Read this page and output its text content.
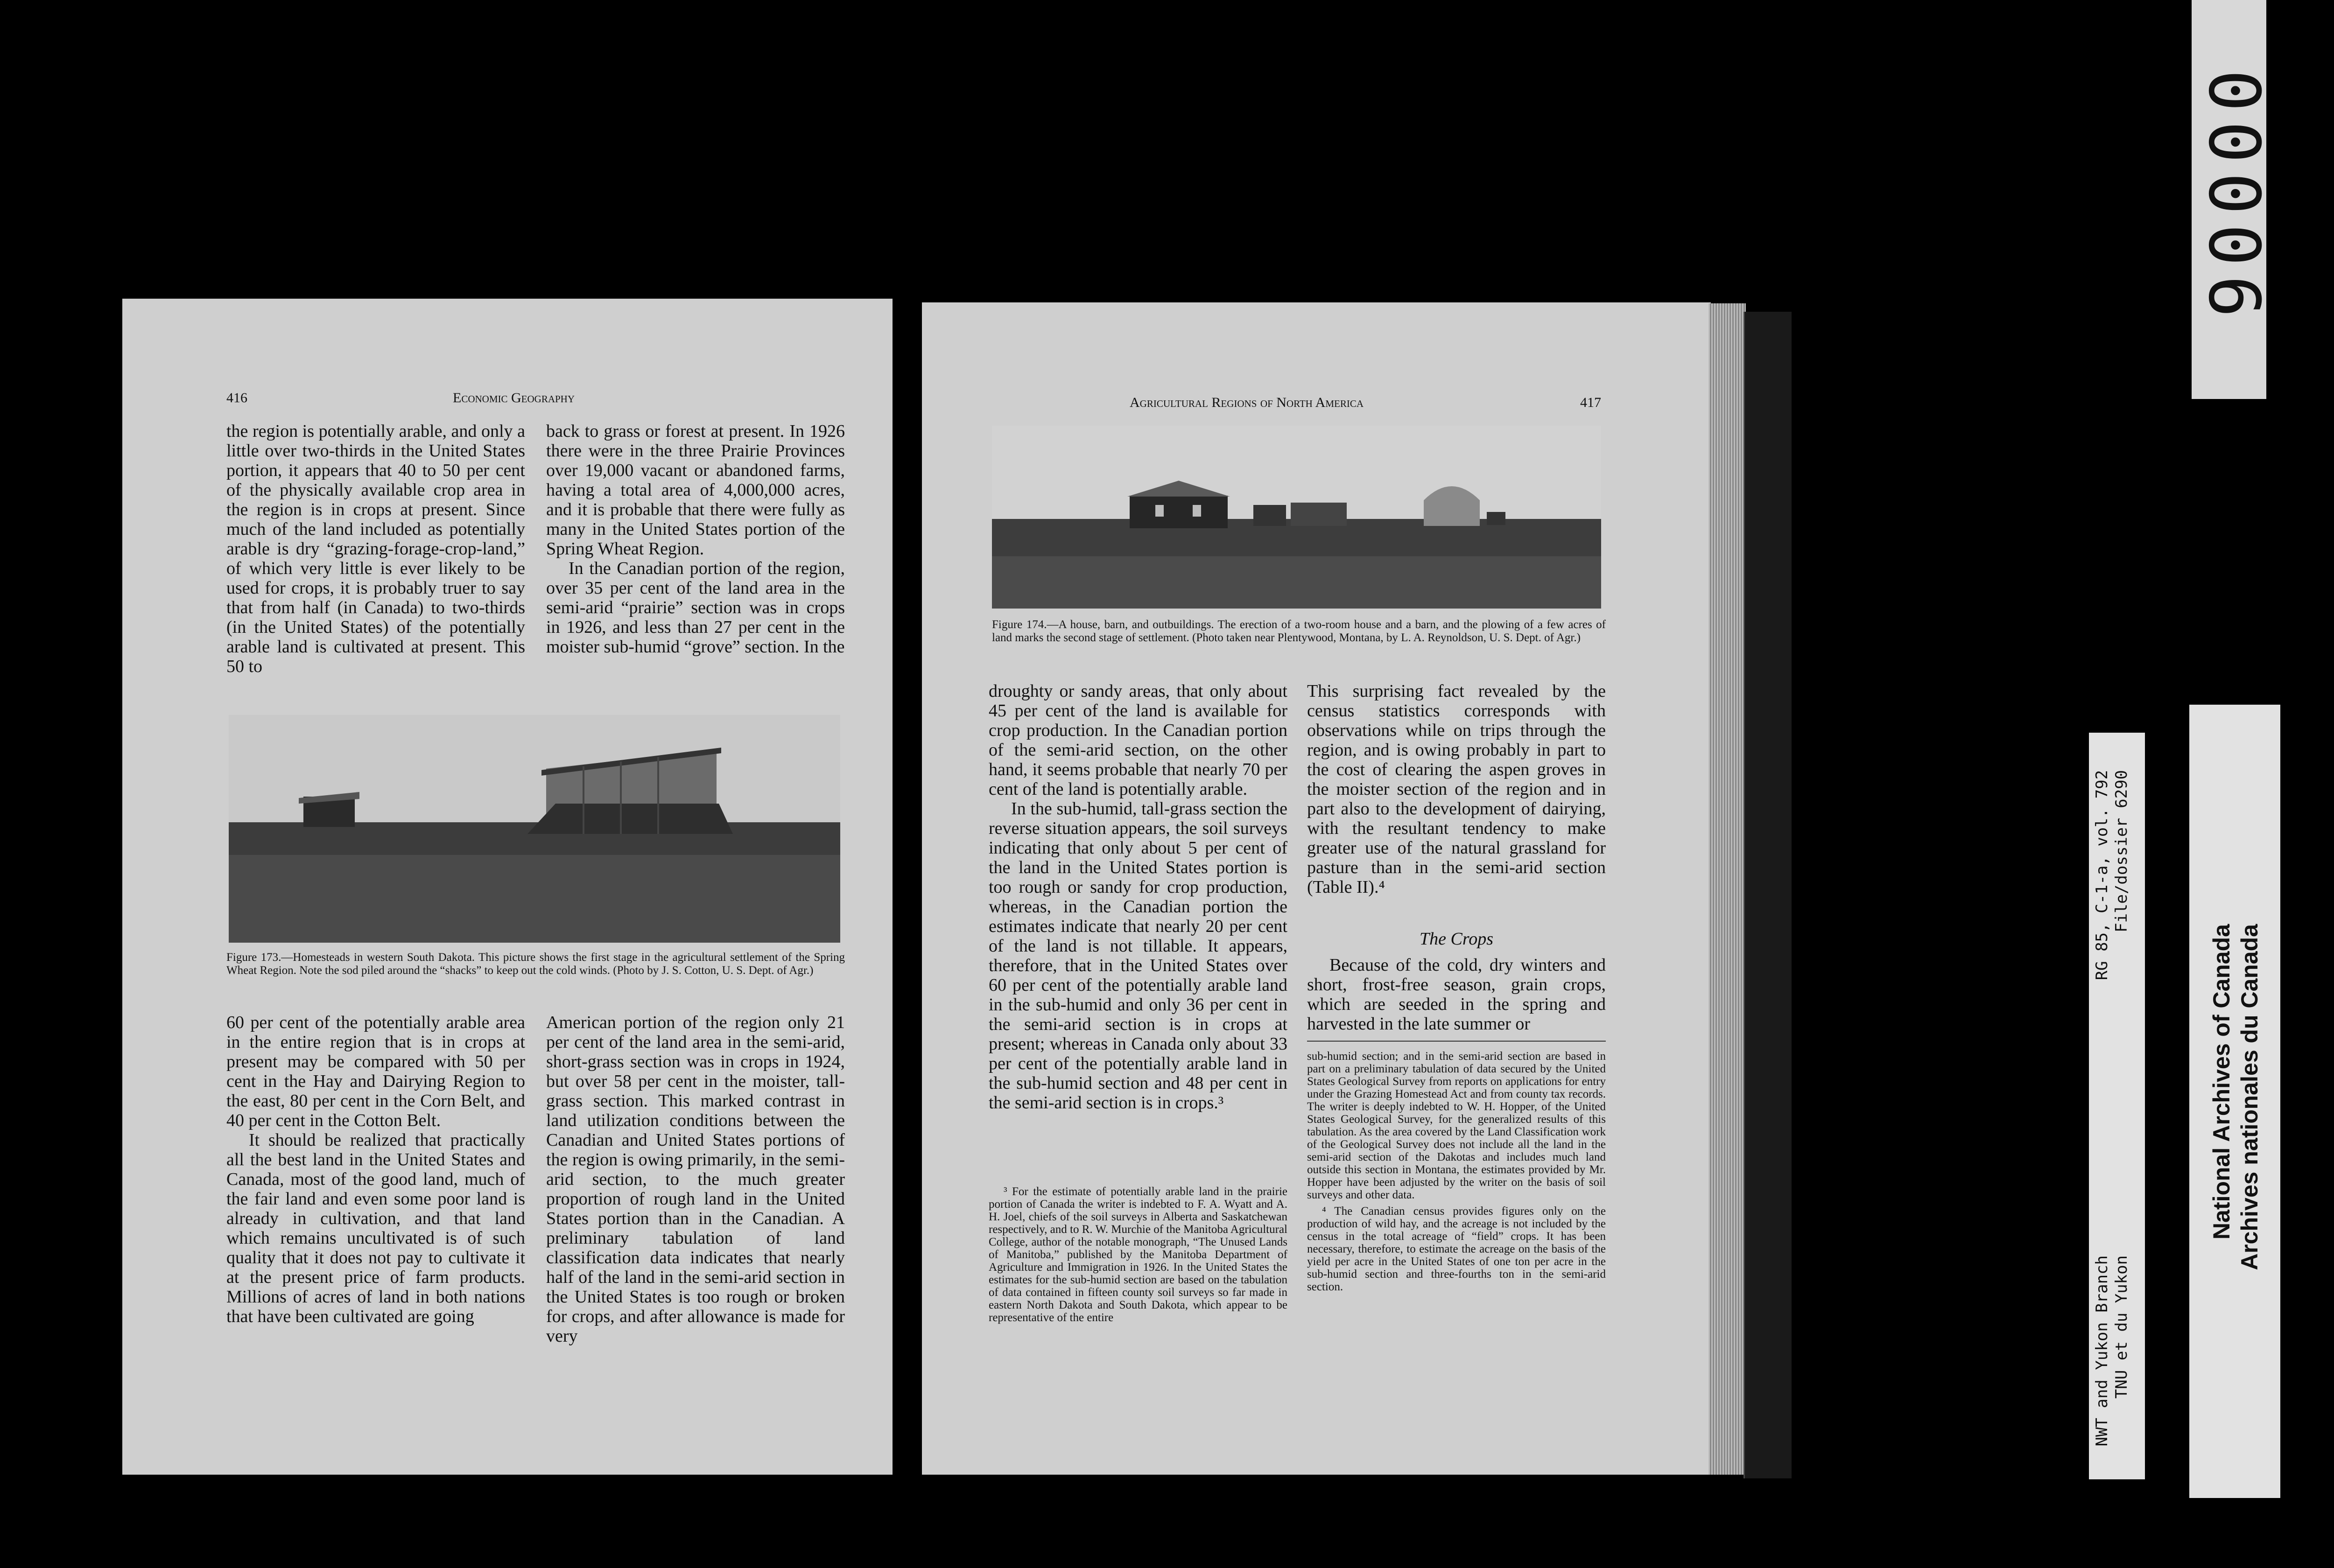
416	Economic Geography

the region is potentially arable, and only a little over two-thirds in the United States portion, it appears that 40 to 50 per cent of the physically available crop area in the region is in crops at present. Since much of the land included as potentially arable is dry “grazing-forage-crop-land,” of which very little is ever likely to be used for crops, it is probably truer to say that from half (in Canada) to two-thirds (in the United States) of the potentially arable land is cultivated at present. This 50 to

back to grass or forest at present. In 1926 there were in the three Prairie Provinces over 19,000 vacant or abandoned farms, having a total area of 4,000,000 acres, and it is probable that there were fully as many in the United States portion of the Spring Wheat Region.

In the Canadian portion of the region, over 35 per cent of the land area in the semi-arid “prairie” section was in crops in 1926, and less than 27 per cent in the moister sub-humid “grove” section. In the

Figure 173.—Homesteads in western South Dakota. This picture shows the first stage in the agricultural settlement of the Spring Wheat Region. Note the sod piled around the “shacks” to keep out the cold winds. (Photo by J. S. Cotton, U. S. Dept. of Agr.)

60 per cent of the potentially arable area in the entire region that is in crops at present may be compared with 50 per cent in the Hay and Dairying Region to the east, 80 per cent in the Corn Belt, and 40 per cent in the Cotton Belt.

It should be realized that practically all the best land in the United States and Canada, most of the good land, much of the fair land and even some poor land is already in cultivation, and that land which remains uncultivated is of such quality that it does not pay to cultivate it at the present price of farm products. Millions of acres of land in both nations that have been cultivated are going

American portion of the region only 21 per cent of the land area in the semi-arid, short-grass section was in crops in 1924, but over 58 per cent in the moister, tall-grass section. This marked contrast in land utilization conditions between the Canadian and United States portions of the region is owing primarily, in the semi-arid section, to the much greater proportion of rough land in the United States portion than in the Canadian. A preliminary tabulation of land classification data indicates that nearly half of the land in the semi-arid section in the United States is too rough or broken for crops, and after allowance is made for very

Agricultural Regions of North America	417
Figure 174.—A house, barn, and outbuildings. The erection of a two-room house and a barn, and the plowing of a few acres of land marks the second stage of settlement. (Photo taken near Plentywood, Montana, by L. A. Reynoldson, U. S. Dept. of Agr.)

droughty or sandy areas, that only about 45 per cent of the land is available for crop production. In the Canadian portion of the semi-arid section, on the other hand, it seems probable that nearly 70 per cent of the land is potentially arable.

In the sub-humid, tall-grass section the reverse situation appears, the soil surveys indicating that only about 5 per cent of the land in the United States portion is too rough or sandy for crop production, whereas, in the Canadian portion the estimates indicate that nearly 20 per cent of the land is not tillable. It appears, therefore, that in the United States over 60 per cent of the potentially arable land in the sub-humid and only 36 per cent in the semi-arid section is in crops at present; whereas in Canada only about 33 per cent of the potentially arable land in the sub-humid section and 48 per cent in the semi-arid section is in crops.³

³ For the estimate of potentially arable land in the prairie portion of Canada the writer is indebted to F. A. Wyatt and A. H. Joel, chiefs of the soil surveys in Alberta and Saskatchewan respectively, and to R. W. Murchie of the Manitoba Agricultural College, author of the notable monograph, “The Unused Lands of Manitoba,” published by the Manitoba Department of Agriculture and Immigration in 1926. In the United States the estimates for the sub-humid section are based on the tabulation of data contained in fifteen county soil surveys so far made in eastern North Dakota and South Dakota, which appear to be representative of the entire

This surprising fact revealed by the census statistics corresponds with observations while on trips through the region, and is owing probably in part to the cost of clearing the aspen groves in the moister section of the region and in part also to the development of dairying, with the resultant tendency to make greater use of the natural grassland for pasture than in the semi-arid section (Table II).⁴

The Crops

Because of the cold, dry winters and short, frost-free season, grain crops, which are seeded in the spring and harvested in the late summer or

sub-humid section; and in the semi-arid section are based in part on a preliminary tabulation of data secured by the United States Geological Survey from reports on applications for entry under the Grazing Homestead Act and from county tax records. The writer is deeply indebted to W. H. Hopper, of the United States Geological Survey, for the generalized results of this tabulation. As the area covered by the Land Classification work of the Geological Survey does not include all the land in the semi-arid section of the Dakotas and includes much land outside this section in Montana, the estimates provided by Mr. Hopper have been adjusted by the writer on the basis of soil surveys and other data.

⁴ The Canadian census provides figures only on the production of wild hay, and the acreage is not included by the census in the total acreage of “field” crops. It has been necessary, therefore, to estimate the acreage on the basis of the yield per acre in the United States of one ton per acre in the sub-humid section and three-fourths ton in the semi-arid section.

00006
NWT and Yukon Branch TNU et du Yukon
RG 85, C-1-a, vol. 792 File/dossier 6290
National Archives of Canada Archives nationales du Canada
